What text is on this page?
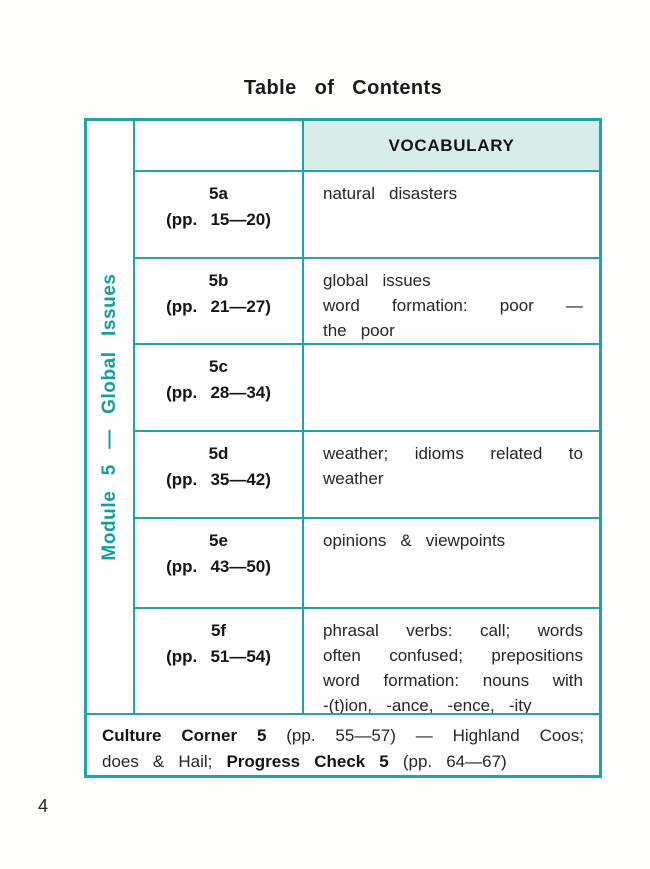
Table of Contents
Module 5 — Global Issues
VOCABULARY
5a
(pp. 15—20)
natural disasters
5b
(pp. 21—27)
global issues
word formation: poor —
the poor
5c
(pp. 28—34)
5d
(pp. 35—42)
weather; idioms related to
weather
5e
(pp. 43—50)
opinions & viewpoints
5f
(pp. 51—54)
phrasal verbs: call; words
often confused; prepositions
word formation: nouns with
-(t)ion, -ance, -ence, -ity
Culture Corner 5 (pp. 55—57) — Highland Coos;
does & Hail; Progress Check 5 (pp. 64—67)
4
